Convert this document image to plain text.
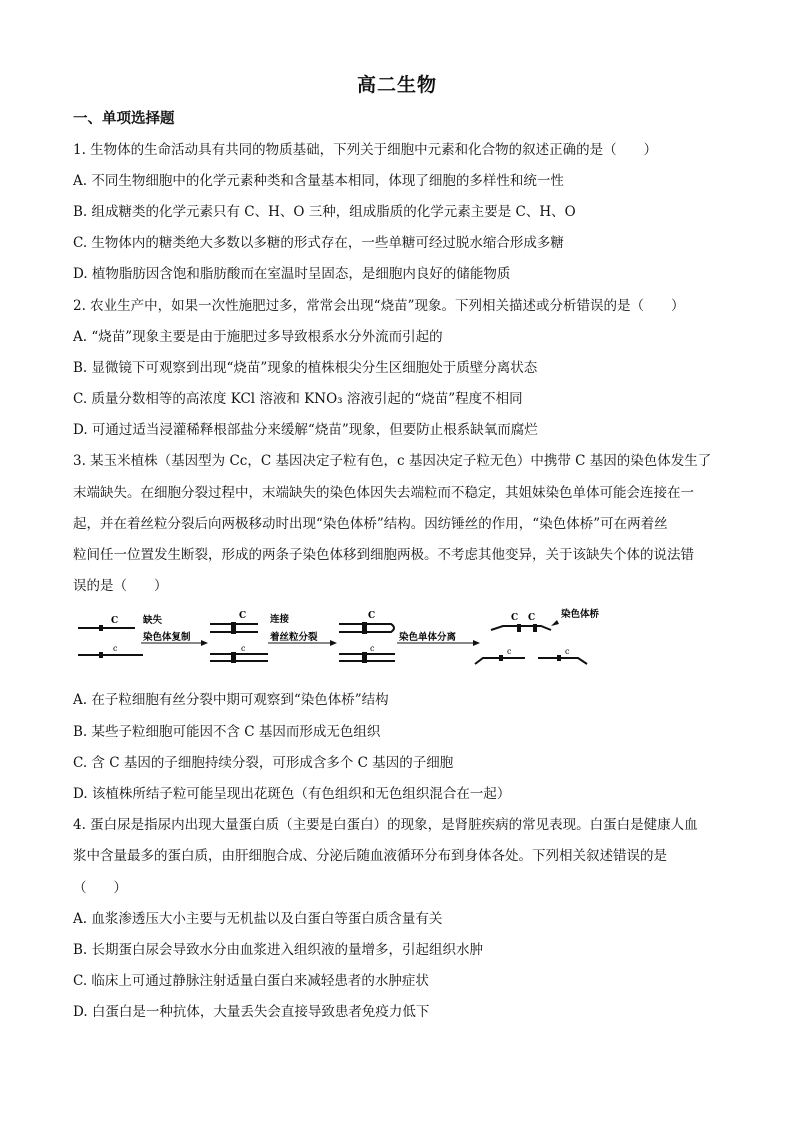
高二生物
一、单项选择题
1. 生物体的生命活动具有共同的物质基础，下列关于细胞中元素和化合物的叙述正确的是（　　）
A. 不同生物细胞中的化学元素种类和含量基本相同，体现了细胞的多样性和统一性
B. 组成糖类的化学元素只有 C、H、O 三种，组成脂质的化学元素主要是 C、H、O
C. 生物体内的糖类绝大多数以多糖的形式存在，一些单糖可经过脱水缩合形成多糖
D. 植物脂肪因含饱和脂肪酸而在室温时呈固态，是细胞内良好的储能物质
2. 农业生产中，如果一次性施肥过多，常常会出现“烧苗”现象。下列相关描述或分析错误的是（　　）
A. “烧苗”现象主要是由于施肥过多导致根系水分外流而引起的
B. 显微镜下可观察到出现“烧苗”现象的植株根尖分生区细胞处于质壁分离状态
C. 质量分数相等的高浓度 KCl 溶液和 KNO₃ 溶液引起的“烧苗”程度不相同
D. 可通过适当浸灌稀释根部盐分来缓解“烧苗”现象，但要防止根系缺氧而腐烂
3. 某玉米植株（基因型为 Cc，C 基因决定子粒有色，c 基因决定子粒无色）中携带 C 基因的染色体发生了
末端缺失。在细胞分裂过程中，末端缺失的染色体因失去端粒而不稳定，其姐妹染色单体可能会连接在一
起，并在着丝粒分裂后向两极移动时出现“染色体桥”结构。因纺锤丝的作用，“染色体桥”可在两着丝
粒间任一位置发生断裂，形成的两条子染色体移到细胞两极。不考虑其他变异，关于该缺失个体的说法错
误的是（　　）
C
c
缺失
染色体复制
C
c
连接
着丝粒分裂
C
c
染色单体分离
C C	染色体桥
c	c
A. 在子粒细胞有丝分裂中期可观察到“染色体桥”结构
B. 某些子粒细胞可能因不含 C 基因而形成无色组织
C. 含 C 基因的子细胞持续分裂，可形成含多个 C 基因的子细胞
D. 该植株所结子粒可能呈现出花斑色（有色组织和无色组织混合在一起）
4. 蛋白尿是指尿内出现大量蛋白质（主要是白蛋白）的现象，是肾脏疾病的常见表现。白蛋白是健康人血
浆中含量最多的蛋白质，由肝细胞合成、分泌后随血液循环分布到身体各处。下列相关叙述错误的是
（　　）
A. 血浆渗透压大小主要与无机盐以及白蛋白等蛋白质含量有关
B. 长期蛋白尿会导致水分由血浆进入组织液的量增多，引起组织水肿
C. 临床上可通过静脉注射适量白蛋白来减轻患者的水肿症状
D. 白蛋白是一种抗体，大量丢失会直接导致患者免疫力低下
